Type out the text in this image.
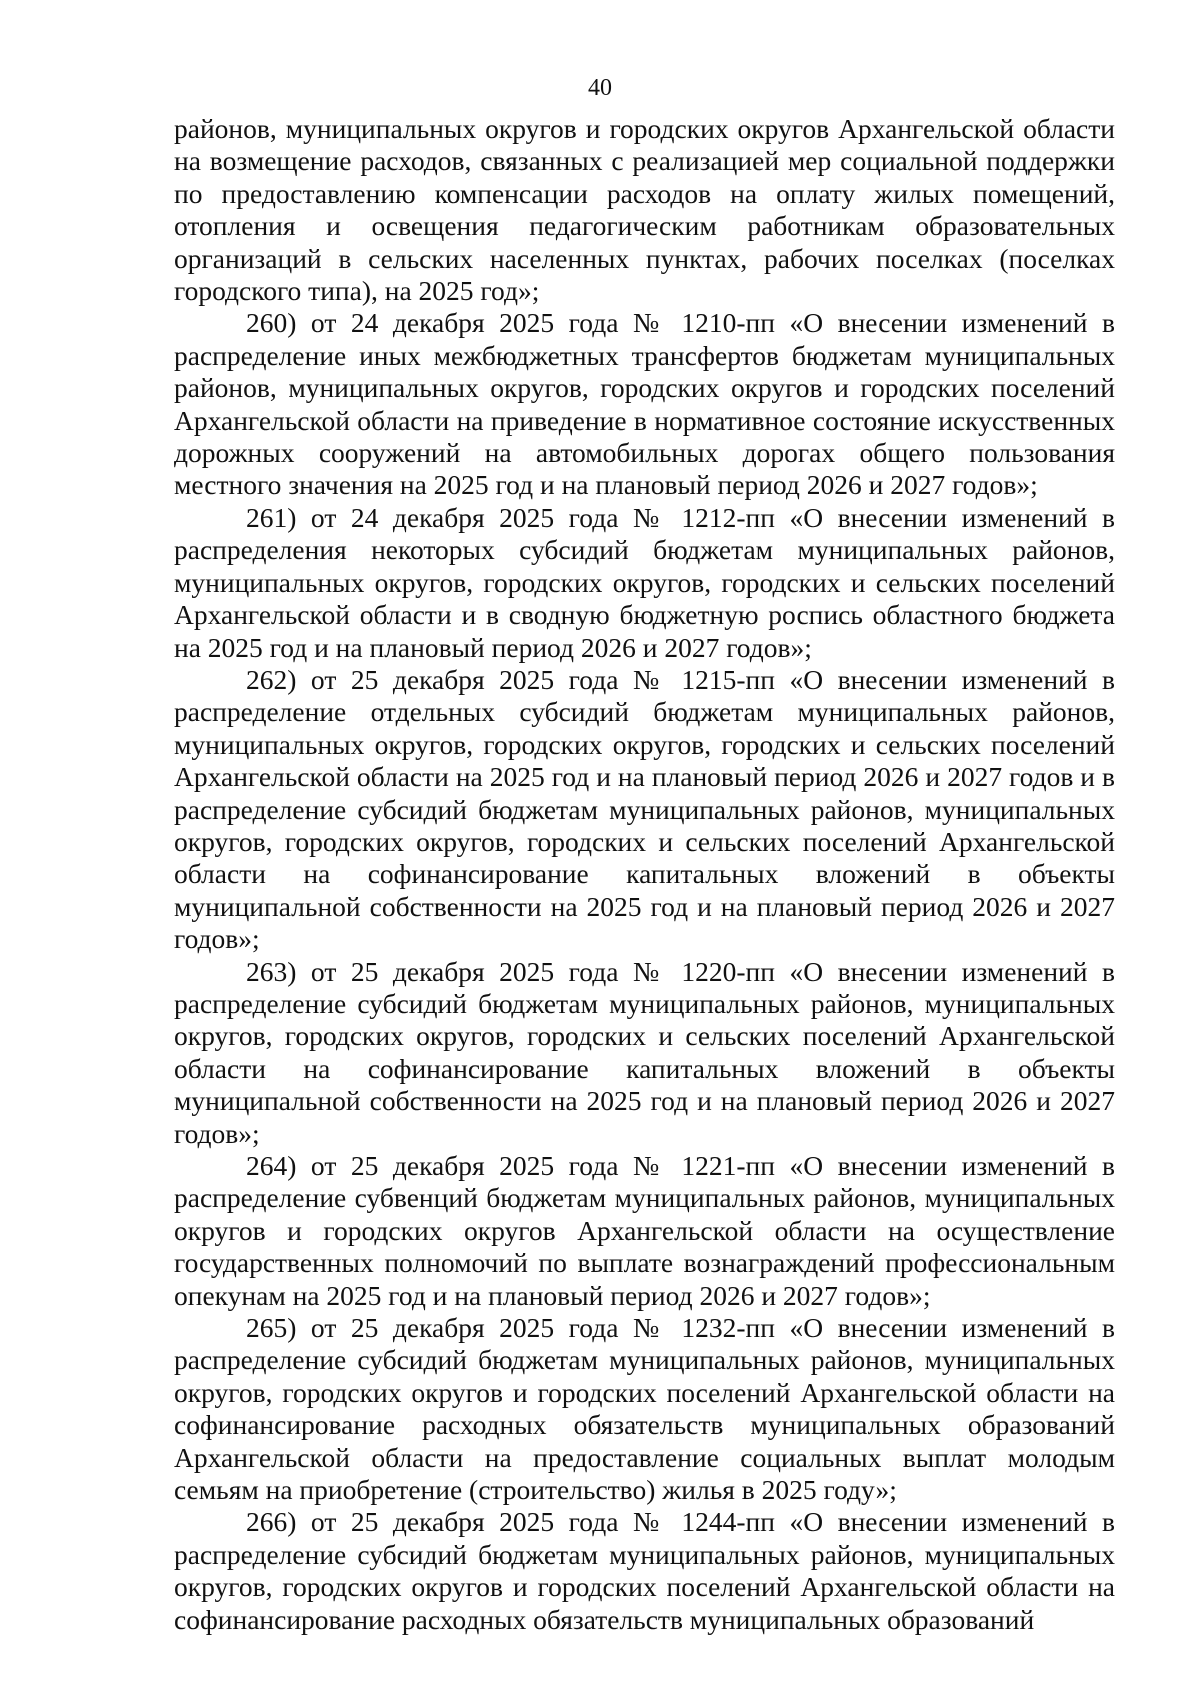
40

районов, муниципальных округов и городских округов Архангельской области на возмещение расходов, связанных с реализацией мер социальной поддержки по предоставлению компенсации расходов на оплату жилых помещений, отопления и освещения педагогическим работникам образовательных организаций в сельских населенных пунктах, рабочих поселках (поселках городского типа), на 2025 год»;

260) от 24 декабря 2025 года № 1210-пп «О внесении изменений в распределение иных межбюджетных трансфертов бюджетам муниципальных районов, муниципальных округов, городских округов и городских поселений Архангельской области на приведение в нормативное состояние искусственных дорожных сооружений на автомобильных дорогах общего пользования местного значения на 2025 год и на плановый период 2026 и 2027 годов»;

261) от 24 декабря 2025 года № 1212-пп «О внесении изменений в распределения некоторых субсидий бюджетам муниципальных районов, муниципальных округов, городских округов, городских и сельских поселений Архангельской области и в сводную бюджетную роспись областного бюджета на 2025 год и на плановый период 2026 и 2027 годов»;

262) от 25 декабря 2025 года № 1215-пп «О внесении изменений в распределение отдельных субсидий бюджетам муниципальных районов, муниципальных округов, городских округов, городских и сельских поселений Архангельской области на 2025 год и на плановый период 2026 и 2027 годов и в распределение субсидий бюджетам муниципальных районов, муниципальных округов, городских округов, городских и сельских поселений Архангельской области на софинансирование капитальных вложений в объекты муниципальной собственности на 2025 год и на плановый период 2026 и 2027 годов»;

263) от 25 декабря 2025 года № 1220-пп «О внесении изменений в распределение субсидий бюджетам муниципальных районов, муниципальных округов, городских округов, городских и сельских поселений Архангельской области на софинансирование капитальных вложений в объекты муниципальной собственности на 2025 год и на плановый период 2026 и 2027 годов»;

264) от 25 декабря 2025 года № 1221-пп «О внесении изменений в распределение субвенций бюджетам муниципальных районов, муниципальных округов и городских округов Архангельской области на осуществление государственных полномочий по выплате вознаграждений профессиональным опекунам на 2025 год и на плановый период 2026 и 2027 годов»;

265) от 25 декабря 2025 года № 1232-пп «О внесении изменений в распределение субсидий бюджетам муниципальных районов, муниципальных округов, городских округов и городских поселений Архангельской области на софинансирование расходных обязательств муниципальных образований Архангельской области на предоставление социальных выплат молодым семьям на приобретение (строительство) жилья в 2025 году»;

266) от 25 декабря 2025 года № 1244-пп «О внесении изменений в распределение субсидий бюджетам муниципальных районов, муниципальных округов, городских округов и городских поселений Архангельской области на софинансирование расходных обязательств муниципальных образований
